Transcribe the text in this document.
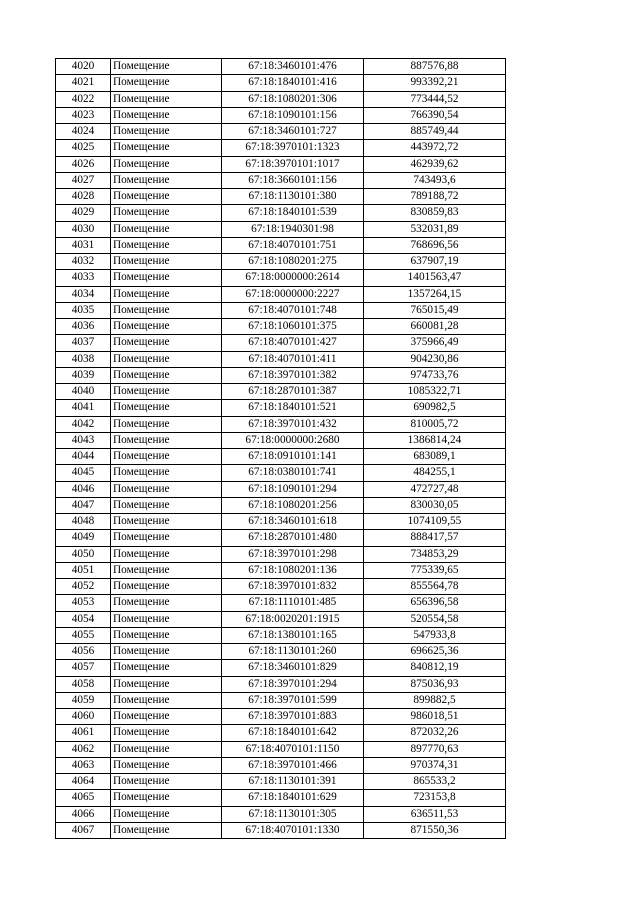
4020	Помещение	67:18:3460101:476	887576,88
4021	Помещение	67:18:1840101:416	993392,21
4022	Помещение	67:18:1080201:306	773444,52
4023	Помещение	67:18:1090101:156	766390,54
4024	Помещение	67:18:3460101:727	885749,44
4025	Помещение	67:18:3970101:1323	443972,72
4026	Помещение	67:18:3970101:1017	462939,62
4027	Помещение	67:18:3660101:156	743493,6
4028	Помещение	67:18:1130101:380	789188,72
4029	Помещение	67:18:1840101:539	830859,83
4030	Помещение	67:18:1940301:98	532031,89
4031	Помещение	67:18:4070101:751	768696,56
4032	Помещение	67:18:1080201:275	637907,19
4033	Помещение	67:18:0000000:2614	1401563,47
4034	Помещение	67:18:0000000:2227	1357264,15
4035	Помещение	67:18:4070101:748	765015,49
4036	Помещение	67:18:1060101:375	660081,28
4037	Помещение	67:18:4070101:427	375966,49
4038	Помещение	67:18:4070101:411	904230,86
4039	Помещение	67:18:3970101:382	974733,76
4040	Помещение	67:18:2870101:387	1085322,71
4041	Помещение	67:18:1840101:521	690982,5
4042	Помещение	67:18:3970101:432	810005,72
4043	Помещение	67:18:0000000:2680	1386814,24
4044	Помещение	67:18:0910101:141	683089,1
4045	Помещение	67:18:0380101:741	484255,1
4046	Помещение	67:18:1090101:294	472727,48
4047	Помещение	67:18:1080201:256	830030,05
4048	Помещение	67:18:3460101:618	1074109,55
4049	Помещение	67:18:2870101:480	888417,57
4050	Помещение	67:18:3970101:298	734853,29
4051	Помещение	67:18:1080201:136	775339,65
4052	Помещение	67:18:3970101:832	855564,78
4053	Помещение	67:18:1110101:485	656396,58
4054	Помещение	67:18:0020201:1915	520554,58
4055	Помещение	67:18:1380101:165	547933,8
4056	Помещение	67:18:1130101:260	696625,36
4057	Помещение	67:18:3460101:829	840812,19
4058	Помещение	67:18:3970101:294	875036,93
4059	Помещение	67:18:3970101:599	899882,5
4060	Помещение	67:18:3970101:883	986018,51
4061	Помещение	67:18:1840101:642	872032,26
4062	Помещение	67:18:4070101:1150	897770,63
4063	Помещение	67:18:3970101:466	970374,31
4064	Помещение	67:18:1130101:391	865533,2
4065	Помещение	67:18:1840101:629	723153,8
4066	Помещение	67:18:1130101:305	636511,53
4067	Помещение	67:18:4070101:1330	871550,36
